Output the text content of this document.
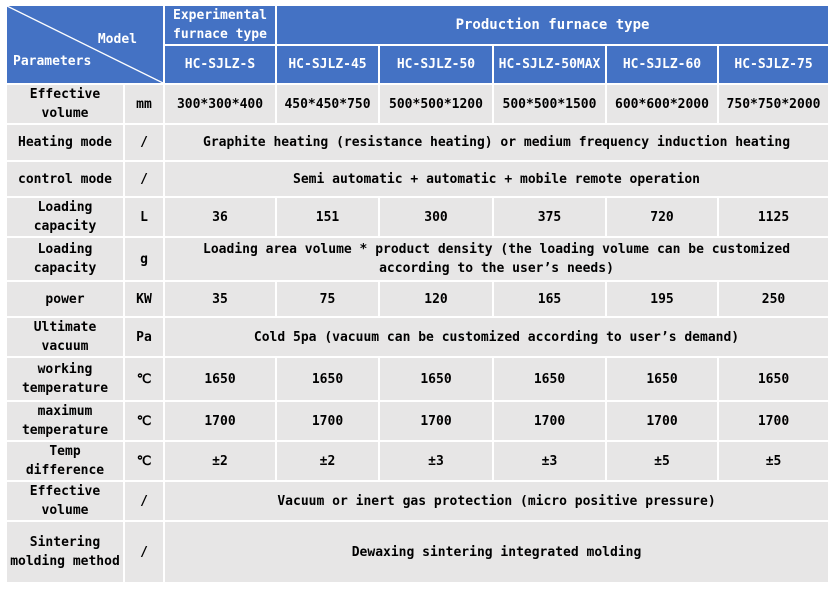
Model
Parameters		Experimental furnace type	Production furnace type				
		HC-SJLZ-S	HC-SJLZ-45	HC-SJLZ-50	HC-SJLZ-50MAX	HC-SJLZ-60	HC-SJLZ-75
Effective volume	mm	300*300*400	450*450*750	500*500*1200	500*500*1500	600*600*2000	750*750*2000
Heating mode	/	Graphite heating (resistance heating) or medium frequency induction heating					
control mode	/	Semi automatic + automatic + mobile remote operation					
Loading capacity	L	36	151	300	375	720	1125
Loading capacity	g	Loading area volume * product density (the loading volume can be customized according to the user’s needs)					
power	KW	35	75	120	165	195	250
Ultimate vacuum	Pa	Cold 5pa (vacuum can be customized according to user’s demand)					
working temperature	℃	1650	1650	1650	1650	1650	1650
maximum temperature	℃	1700	1700	1700	1700	1700	1700
Temp difference	℃	±2	±2	±3	±3	±5	±5
Effective volume	/	Vacuum or inert gas protection (micro positive pressure)					
Sintering molding method	/	Dewaxing sintering integrated molding					
